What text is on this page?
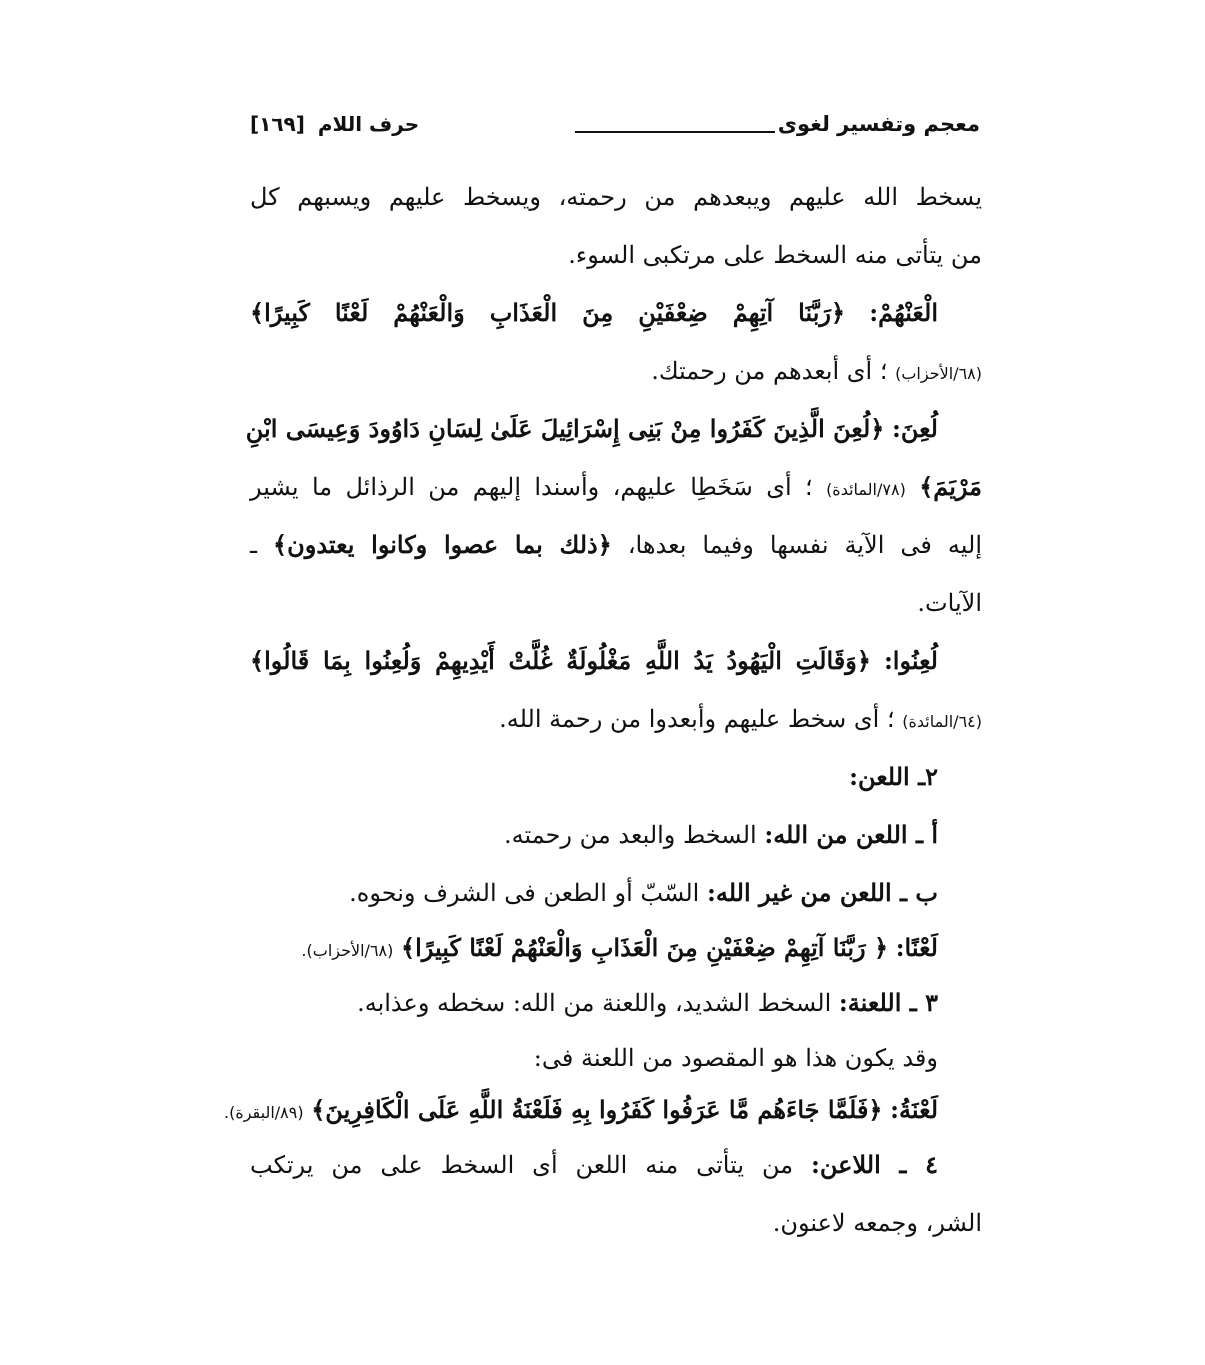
معجم وتفسير لغوى
حرف اللام [١٦٩]
يسخط الله عليهم ويبعدهم من رحمته، ويسخط عليهم ويسبهم كل
من يتأتى منه السخط على مرتكبى السوء.
الْعَنْهُمْ: ﴿رَبَّنَا آتِهِمْ ضِعْفَيْنِ مِنَ الْعَذَابِ وَالْعَنْهُمْ لَعْنًا كَبِيرًا﴾
(٦٨/الأحزاب) ؛ أى أبعدهم من رحمتك.
لُعِنَ: ﴿لُعِنَ الَّذِينَ كَفَرُوا مِنْ بَنِى إِسْرَائِيلَ عَلَىٰ لِسَانِ دَاوُودَ وَعِيسَى ابْنِ
مَرْيَمَ﴾ (٧٨/المائدة) ؛ أى سَخَطِا عليهم، وأسندا إليهم من الرذائل ما يشير
إليه فى الآية نفسها وفيما بعدها، ﴿ذلك بما عصوا وكانوا يعتدون﴾ ـ
الآيات.
لُعِنُوا: ﴿وَقَالَتِ الْيَهُودُ يَدُ اللَّهِ مَغْلُولَةٌ غُلَّتْ أَيْدِيهِمْ وَلُعِنُوا بِمَا قَالُوا﴾
(٦٤/المائدة) ؛ أى سخط عليهم وأبعدوا من رحمة الله.
٢ـ اللعن:
أ ـ اللعن من الله: السخط والبعد من رحمته.
ب ـ اللعن من غير الله: السّبّ أو الطعن فى الشرف ونحوه.
لَعْنًا: ﴿ رَبَّنَا آتِهِمْ ضِعْفَيْنِ مِنَ الْعَذَابِ وَالْعَنْهُمْ لَعْنًا كَبِيرًا﴾ (٦٨/الأحزاب).
٣ ـ اللعنة: السخط الشديد، واللعنة من الله: سخطه وعذابه.
وقد يكون هذا هو المقصود من اللعنة فى:
لَعْنَةُ: ﴿فَلَمَّا جَاءَهُم مَّا عَرَفُوا كَفَرُوا بِهِ فَلَعْنَةُ اللَّهِ عَلَى الْكَافِرِينَ﴾ (٨٩/البقرة).
٤ ـ اللاعن: من يتأتى منه اللعن أى السخط على من يرتكب
الشر، وجمعه لاعنون.
